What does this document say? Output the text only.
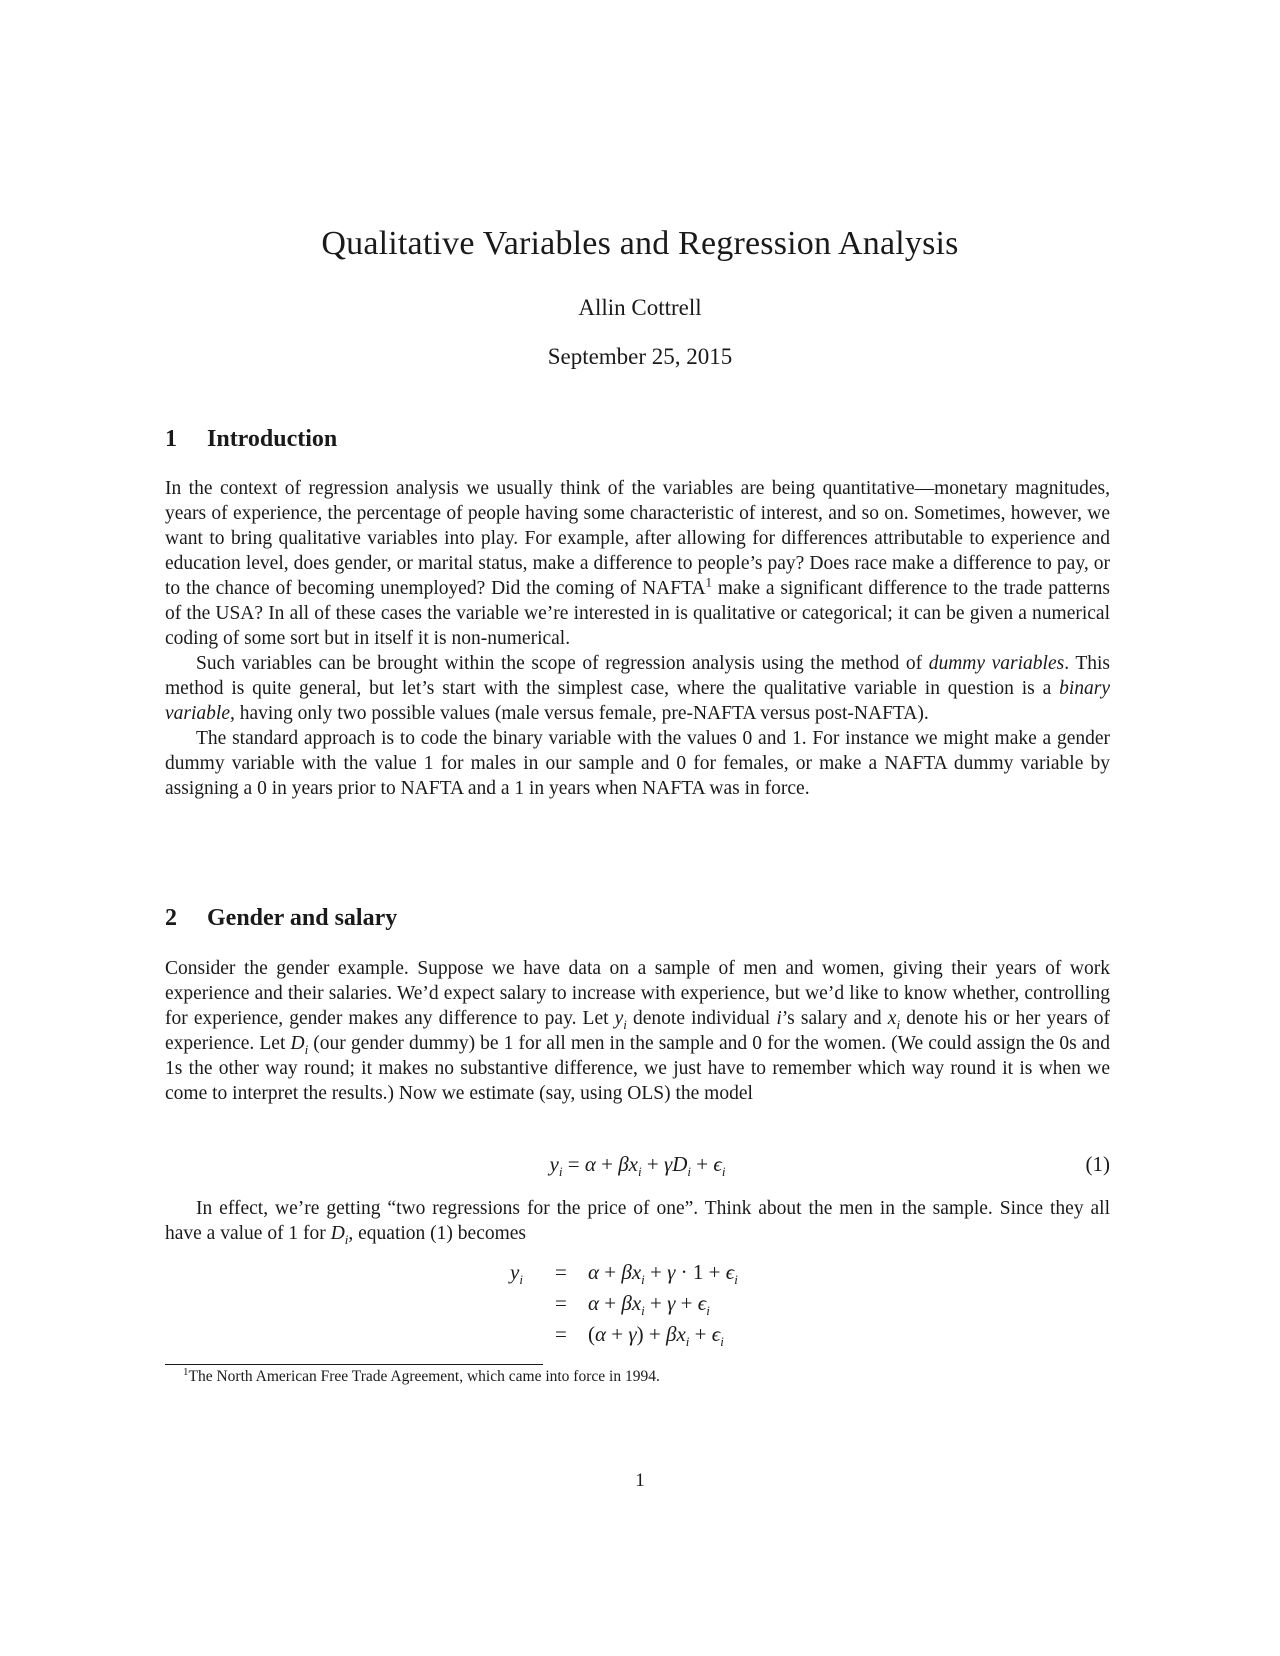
Qualitative Variables and Regression Analysis

Allin Cottrell

September 25, 2015

1 Introduction

In the context of regression analysis we usually think of the variables are being quantitative—monetary magnitudes, years of experience, the percentage of people having some characteristic of interest, and so on. Sometimes, however, we want to bring qualitative variables into play. For example, after allowing for differences attributable to experience and education level, does gender, or marital status, make a difference to people’s pay? Does race make a difference to pay, or to the chance of becoming unemployed? Did the coming of NAFTA$^1$ make a significant difference to the trade patterns of the USA? In all of these cases the variable we’re interested in is qualitative or categorical; it can be given a numerical coding of some sort but in itself it is non-numerical.

Such variables can be brought within the scope of regression analysis using the method of dummy variables. This method is quite general, but let’s start with the simplest case, where the qualitative variable in question is a binary variable, having only two possible values (male versus female, pre-NAFTA versus post-NAFTA).

The standard approach is to code the binary variable with the values 0 and 1. For instance we might make a gender dummy variable with the value 1 for males in our sample and 0 for females, or make a NAFTA dummy variable by assigning a 0 in years prior to NAFTA and a 1 in years when NAFTA was in force.

2 Gender and salary

Consider the gender example. Suppose we have data on a sample of men and women, giving their years of work experience and their salaries. We’d expect salary to increase with experience, but we’d like to know whether, controlling for experience, gender makes any difference to pay. Let $y_i$ denote individual i’s salary and $x_i$ denote his or her years of experience. Let $D_i$ (our gender dummy) be 1 for all men in the sample and 0 for the women. (We could assign the 0s and 1s the other way round; it makes no substantive difference, we just have to remember which way round it is when we come to interpret the results.) Now we estimate (say, using OLS) the model

$y_i = \alpha + \beta x_i + \gamma D_i + \epsilon_i$	(1)

In effect, we’re getting “two regressions for the price of one”. Think about the men in the sample. Since they all have a value of 1 for $D_i$, equation (1) becomes

$y_i = \alpha + \beta x_i + \gamma \cdot 1 + \epsilon_i$
= $\alpha + \beta x_i + \gamma + \epsilon_i$
= $(\alpha + \gamma) + \beta x_i + \epsilon_i$

$^1$The North American Free Trade Agreement, which came into force in 1994.

1
